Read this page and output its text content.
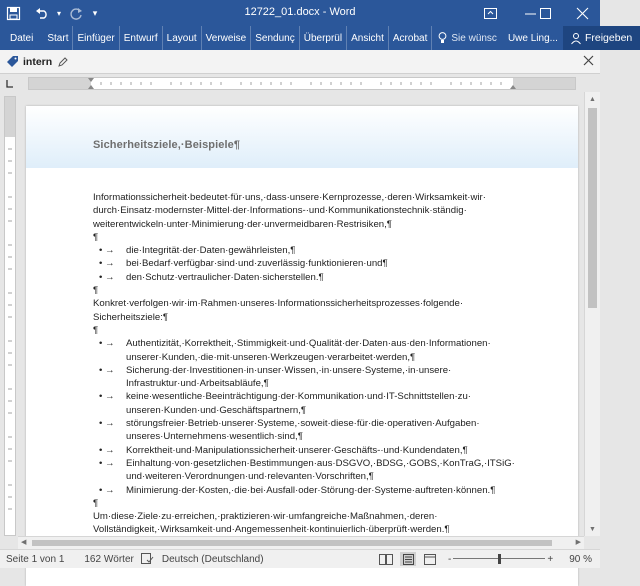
▾	▾	12722_01.docx - Word
Datei	Start Einfüger Entwurf Layout Verweise Sendunç Überprül Ansicht Acrobat	Sie wünsc	Uwe Ling...	Freigeben
intern
Sicherheitsziele,·Beispiele¶
Informationssicherheit·bedeutet·für·uns,·dass·unsere·Kernprozesse,·deren·Wirksamkeit·wir·
durch·Einsatz·modernster·Mittel·der·Informations-·und·Kommunikationstechnik·ständig·
weiterentwickeln·unter·Minimierung·der·unvermeidbaren·Restrisiken,¶
¶
• →	die·Integrität·der·Daten·gewährleisten,¶
• →	bei·Bedarf·verfügbar·sind·und·zuverlässig·funktionieren·und¶
• →	den·Schutz·vertraulicher·Daten·sicherstellen.¶
¶
Konkret·verfolgen·wir·im·Rahmen·unseres·Informationssicherheitsprozesses·folgende·
Sicherheitsziele:¶
¶
• →	Authentizität,·Korrektheit,·Stimmigkeit·und·Qualität·der·Daten·aus·den·Informationen·
unserer·Kunden,·die·mit·unseren·Werkzeugen·verarbeitet·werden,¶
• →	Sicherung·der·Investitionen·in·unser·Wissen,·in·unsere·Systeme,·in·unsere·
Infrastruktur·und·Arbeitsabläufe,¶
• →	keine·wesentliche·Beeinträchtigung·der·Kommunikation·und·IT-Schnittstellen·zu·
unseren·Kunden·und·Geschäftspartnern,¶
• →	störungsfreier·Betrieb·unserer·Systeme,·soweit·diese·für·die·operativen·Aufgaben·
unseres·Unternehmens·wesentlich·sind,¶
• →	Korrektheit·und·Manipulationssicherheit·unserer·Geschäfts-·und·Kundendaten,¶
• →	Einhaltung·von·gesetzlichen·Bestimmungen·aus·DSGVO,·BDSG,·GOBS,·KonTraG,·ITSiG·
und·weiteren·Verordnungen·und·relevanten·Vorschriften,¶
• →	Minimierung·der·Kosten,·die·bei·Ausfall·oder·Störung·der·Systeme·auftreten·können.¶
¶
Um·diese·Ziele·zu·erreichen,·praktizieren·wir·umfangreiche·Maßnahmen,·deren·
Vollständigkeit,·Wirksamkeit·und·Angemessenheit·kontinuierlich·überprüft·werden.¶
▲
▼
◀	▶
Seite 1 von 1	162 Wörter	Deutsch (Deutschland)	-	+	90 %
